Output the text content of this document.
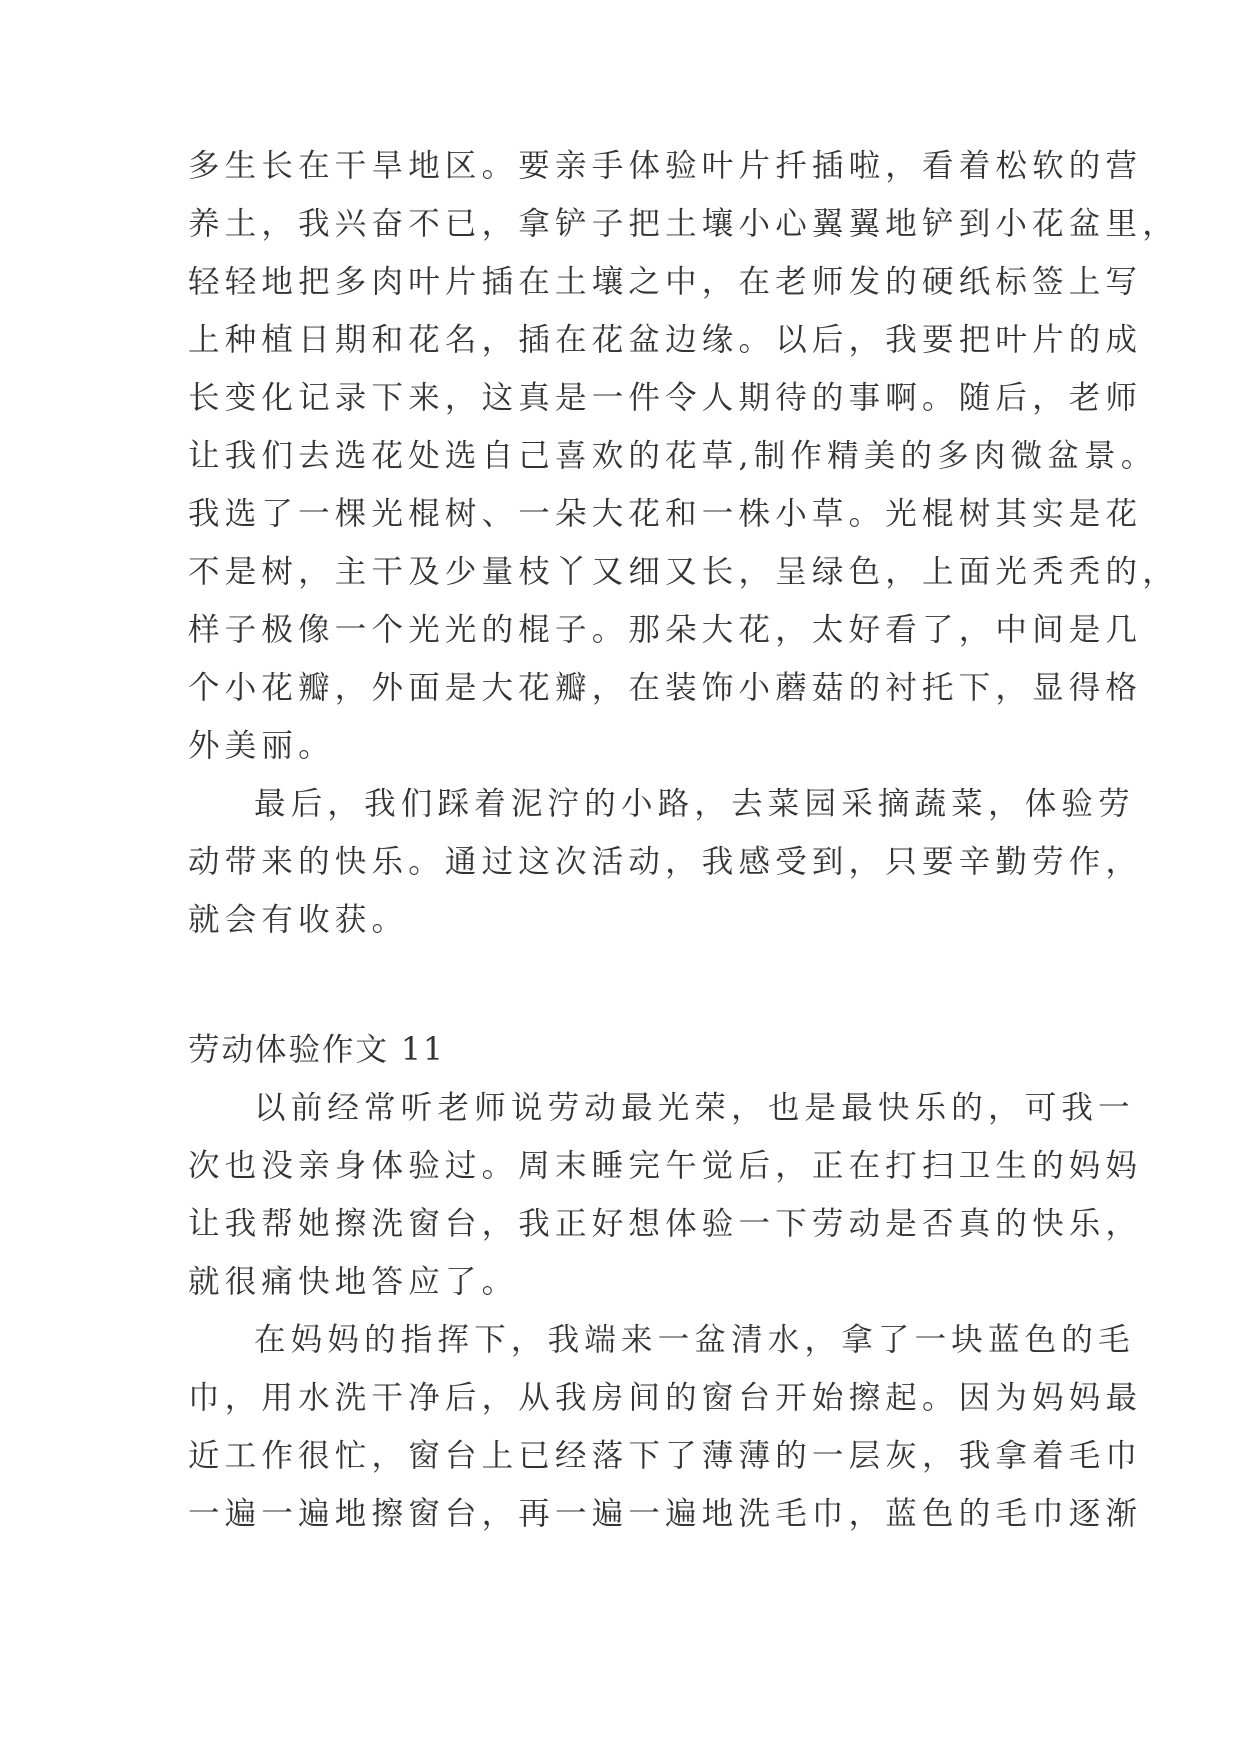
多生长在干旱地区。要亲手体验叶片扦插啦，看着松软的营
养土，我兴奋不已，拿铲子把土壤小心翼翼地铲到小花盆里，
轻轻地把多肉叶片插在土壤之中，在老师发的硬纸标签上写
上种植日期和花名，插在花盆边缘。以后，我要把叶片的成
长变化记录下来，这真是一件令人期待的事啊。随后，老师
让我们去选花处选自己喜欢的花草,制作精美的多肉微盆景。
我选了一棵光棍树、一朵大花和一株小草。光棍树其实是花
不是树，主干及少量枝丫又细又长，呈绿色，上面光秃秃的，
样子极像一个光光的棍子。那朵大花，太好看了，中间是几
个小花瓣，外面是大花瓣，在装饰小蘑菇的衬托下，显得格
外美丽。
最后，我们踩着泥泞的小路，去菜园采摘蔬菜，体验劳
动带来的快乐。通过这次活动，我感受到，只要辛勤劳作，
就会有收获。
劳动体验作文 11
以前经常听老师说劳动最光荣，也是最快乐的，可我一
次也没亲身体验过。周末睡完午觉后，正在打扫卫生的妈妈
让我帮她擦洗窗台，我正好想体验一下劳动是否真的快乐，
就很痛快地答应了。
在妈妈的指挥下，我端来一盆清水，拿了一块蓝色的毛
巾，用水洗干净后，从我房间的窗台开始擦起。因为妈妈最
近工作很忙，窗台上已经落下了薄薄的一层灰，我拿着毛巾
一遍一遍地擦窗台，再一遍一遍地洗毛巾，蓝色的毛巾逐渐
